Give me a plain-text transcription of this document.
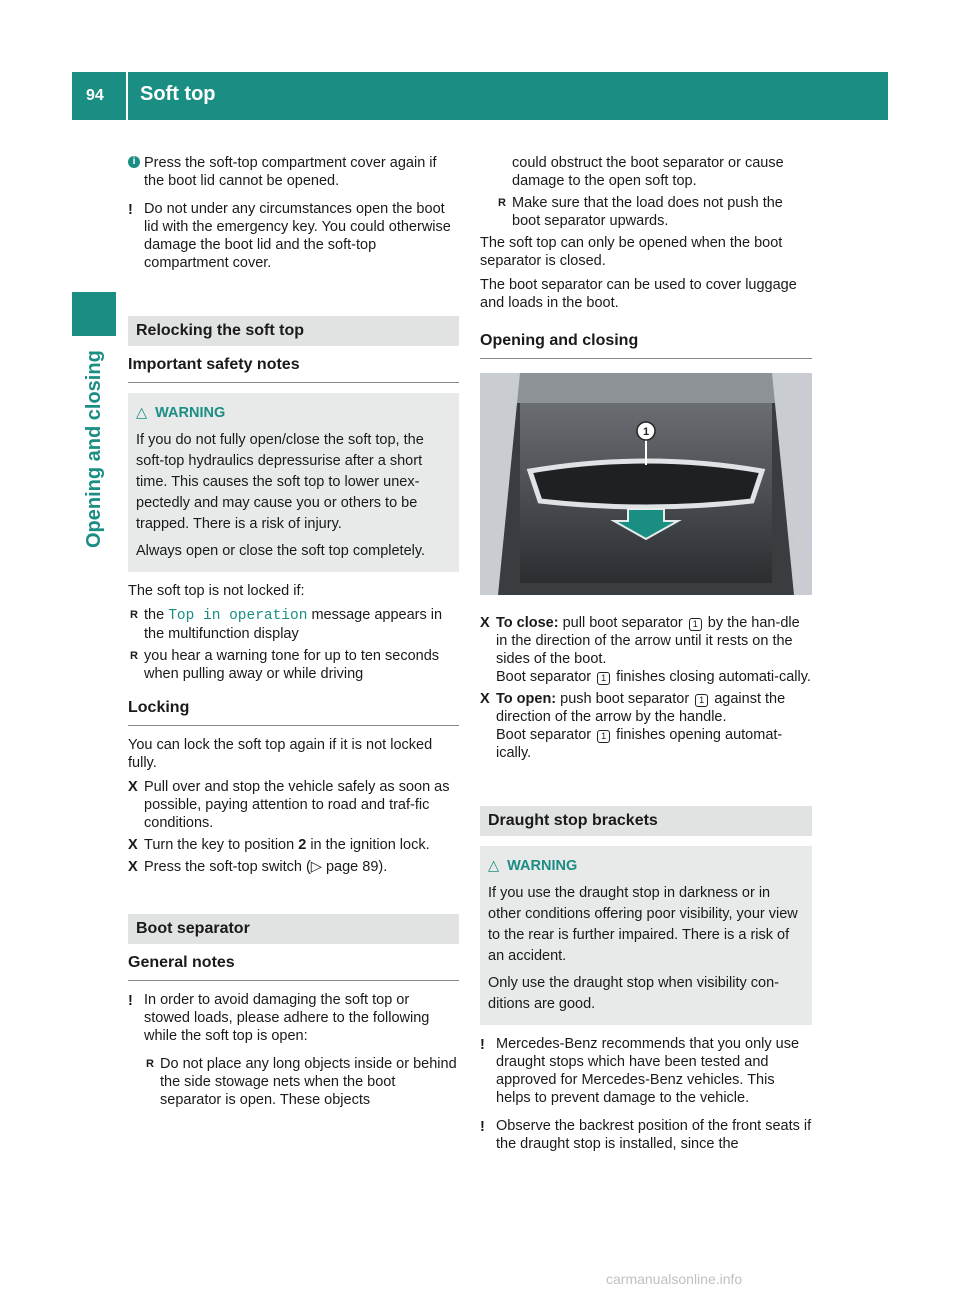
94 Soft top
Opening and closing
i Press the soft-top compartment cover again if the boot lid cannot be opened.
! Do not under any circumstances open the boot lid with the emergency key. You could otherwise damage the boot lid and the soft-top compartment cover.
Relocking the soft top
Important safety notes
△ WARNING

If you do not fully open/close the soft top, the soft-top hydraulics depressurise after a short time. This causes the soft top to lower unex-pectedly and may cause you or others to be trapped. There is a risk of injury.

Always open or close the soft top completely.

The soft top is not locked if:

R the Top in operation message appears in the multifunction display
R you hear a warning tone for up to ten seconds when pulling away or while driving
Locking

You can lock the soft top again if it is not locked fully.

X Pull over and stop the vehicle safely as soon as possible, paying attention to road and traf-fic conditions.
X Turn the key to position 2 in the ignition lock.
X Press the soft-top switch (▷ page 89).
Boot separator
General notes
! In order to avoid damaging the soft top or stowed loads, please adhere to the following while the soft top is open:
R Do not place any long objects inside or behind the side stowage nets when the boot separator is open. These objects
could obstruct the boot separator or cause damage to the open soft top.
R Make sure that the load does not push the boot separator upwards.

The soft top can only be opened when the boot separator is closed.

The boot separator can be used to cover luggage and loads in the boot.

Opening and closing
1
P77.00-2168-31
X To close: pull boot separator 1 by the han-dle in the direction of the arrow until it rests on the sides of the boot.
Boot separator 1 finishes closing automati-cally.
X To open: push boot separator 1 against the direction of the arrow by the handle.
Boot separator 1 finishes opening automat-ically.
Draught stop brackets
△ WARNING

If you use the draught stop in darkness or in other conditions offering poor visibility, your view to the rear is further impaired. There is a risk of an accident.

Only use the draught stop when visibility con-ditions are good.

! Mercedes-Benz recommends that you only use draught stops which have been tested and approved for Mercedes-Benz vehicles. This helps to prevent damage to the vehicle.
! Observe the backrest position of the front seats if the draught stop is installed, since the
carmanualsonline.info
